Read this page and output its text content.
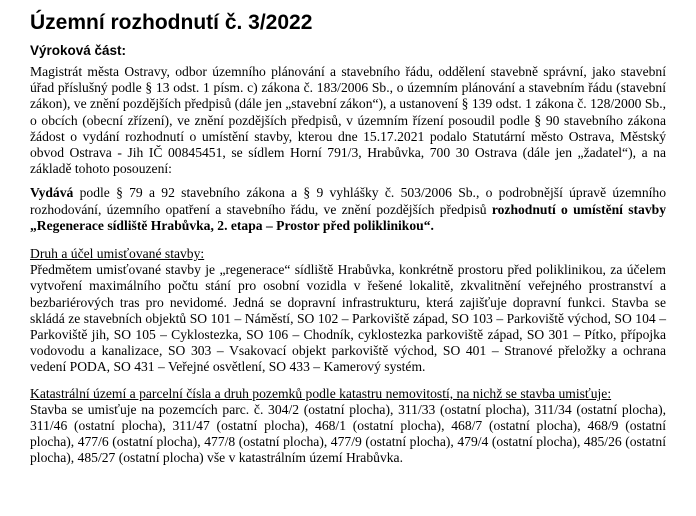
Územní rozhodnutí č. 3/2022
Výroková část:

Magistrát města Ostravy, odbor územního plánování a stavebního řádu, oddělení stavebně správní, jako stavební úřad příslušný podle § 13 odst. 1 písm. c) zákona č. 183/2006 Sb., o územním plánování a stavebním řádu (stavební zákon), ve znění pozdějších předpisů (dále jen „stavební zákon“), a ustanovení § 139 odst. 1 zákona č. 128/2000 Sb., o obcích (obecní zřízení), ve znění pozdějších předpisů, v územním řízení posoudil podle § 90 stavebního zákona žádost o vydání rozhodnutí o umístění stavby, kterou dne 15.17.2021 podalo Statutární město Ostrava, Městský obvod Ostrava - Jih IČ 00845451, se sídlem Horní 791/3, Hrabůvka, 700 30 Ostrava (dále jen „žadatel“), a na základě tohoto posouzení:

Vydává podle § 79 a 92 stavebního zákona a § 9 vyhlášky č. 503/2006 Sb., o podrobnější úpravě územního rozhodování, územního opatření a stavebního řádu, ve znění pozdějších předpisů rozhodnutí o umístění stavby „Regenerace sídliště Hrabůvka, 2. etapa – Prostor před poliklinikou“.

Druh a účel umisťované stavby:

Předmětem umisťované stavby je „regenerace“ sídliště Hrabůvka, konkrétně prostoru před poliklinikou, za účelem vytvoření maximálního počtu stání pro osobní vozidla v řešené lokalitě, zkvalitnění veřejného prostranství a bezbariérových tras pro nevidomé. Jedná se dopravní infrastrukturu, která zajišťuje dopravní funkci. Stavba se skládá ze stavebních objektů SO 101 – Náměstí, SO 102 – Parkoviště západ, SO 103 – Parkoviště východ, SO 104 – Parkoviště jih, SO 105 – Cyklostezka, SO 106 – Chodník, cyklostezka parkoviště západ, SO 301 – Pítko, přípojka vodovodu a kanalizace, SO 303 – Vsakovací objekt parkoviště východ, SO 401 – Stranové přeložky a ochrana vedení PODA, SO 431 – Veřejné osvětlení, SO 433 – Kamerový systém.

Katastrální území a parcelní čísla a druh pozemků podle katastru nemovitostí, na nichž se stavba umisťuje:

Stavba se umisťuje na pozemcích parc. č. 304/2 (ostatní plocha), 311/33 (ostatní plocha), 311/34 (ostatní plocha), 311/46 (ostatní plocha), 311/47 (ostatní plocha), 468/1 (ostatní plocha), 468/7 (ostatní plocha), 468/9 (ostatní plocha), 477/6 (ostatní plocha), 477/8 (ostatní plocha), 477/9 (ostatní plocha), 479/4 (ostatní plocha), 485/26 (ostatní plocha), 485/27 (ostatní plocha) vše v katastrálním území Hrabůvka.
